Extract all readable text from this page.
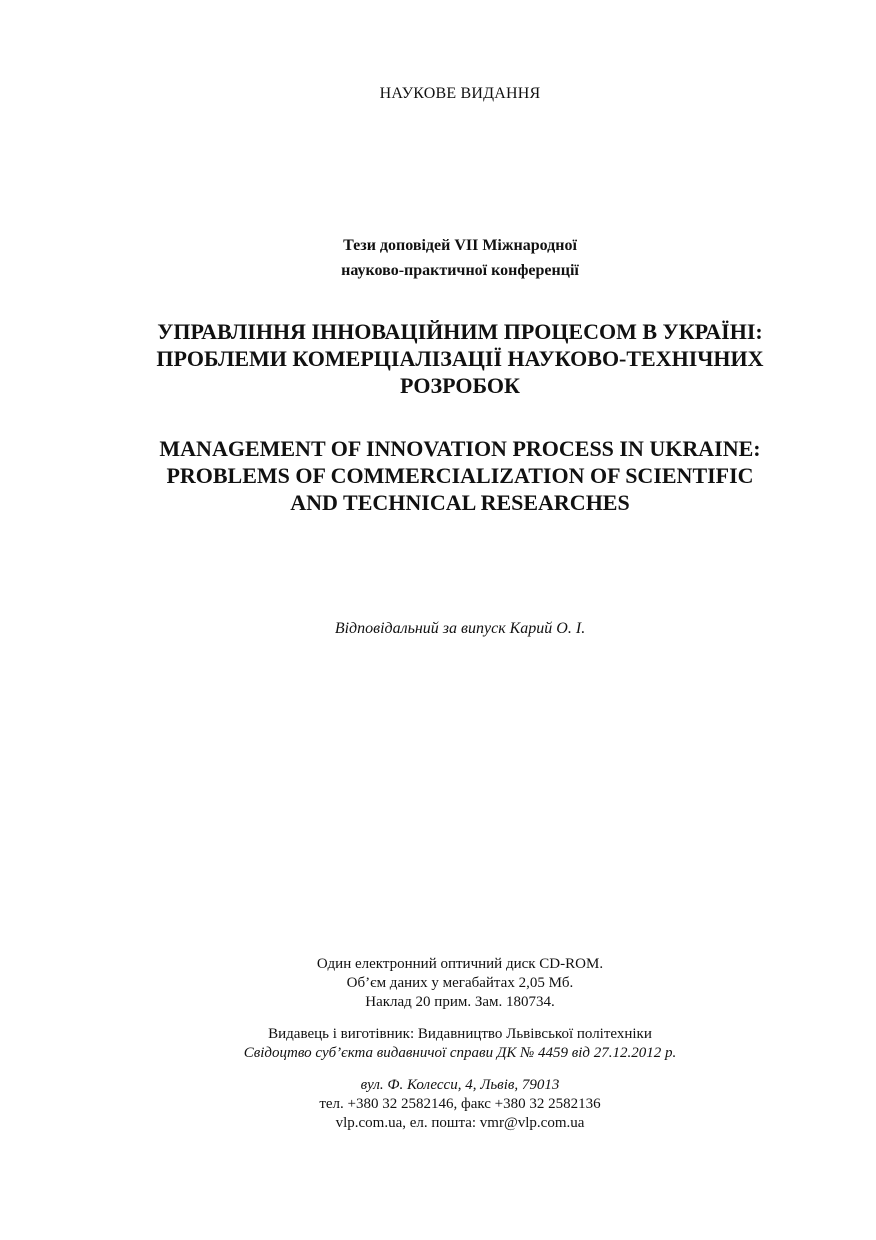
НАУКОВЕ ВИДАННЯ
Тези доповідей VII Міжнародної
науково-практичної конференції
УПРАВЛІННЯ ІННОВАЦІЙНИМ ПРОЦЕСОМ В УКРАЇНІ:
ПРОБЛЕМИ КОМЕРЦІАЛІЗАЦІЇ НАУКОВО-ТЕХНІЧНИХ
РОЗРОБОК
MANAGEMENT OF INNOVATION PROCESS IN UKRAINE:
PROBLEMS OF COMMERCIALIZATION OF SCIENTIFIC
AND TECHNICAL RESEARCHES
Відповідальний за випуск Карий О. І.
Один електронний оптичний диск CD-ROM.
Об’єм даних у мегабайтах 2,05 Мб.
Наклад 20 прим. Зам. 180734.
Видавець і виготівник: Видавництво Львівської політехніки
Свідоцтво суб’єкта видавничої справи ДК № 4459 від 27.12.2012 р.
вул. Ф. Колесси, 4, Львів, 79013
тел. +380 32 2582146, факс +380 32 2582136
vlp.com.ua, ел. пошта: vmr@vlp.com.ua
